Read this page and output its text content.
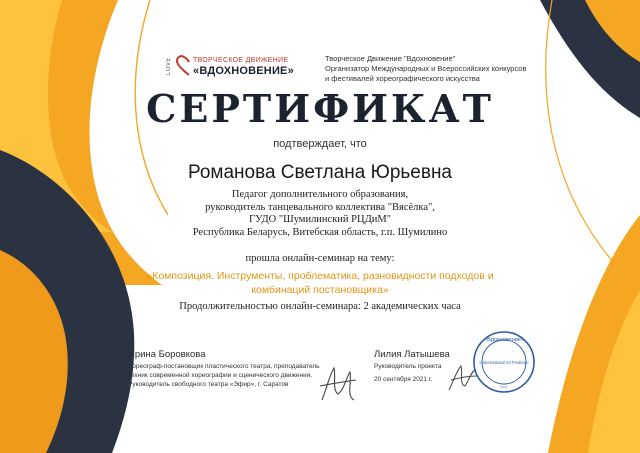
LOVE	ТВОРЧЕСКОЕ ДВИЖЕНИЕ
«ВДОХНОВЕНИЕ»
Творческое Движение "Вдохновение"
Организатор Международных и Всероссийских конкурсов
и фестивалей хореографического искусства
СЕРТИФИКАТ
подтверждает, что
Романова Светлана Юрьевна
Педагог дополнительного образования,
руководитель танцевального коллектива "Вясёлка",
ГУДО "Шумилинский РЦДиМ"
Республика Беларусь, Витебская область, г.п. Шумилино
прошла онлайн-семинар на тему:
«Композиция. Инструменты, проблематика, разновидности подходов и
комбинаций постановщика»
Продолжительностью онлайн-семинара: 2 академических часа
Ирина Боровкова
Хореограф-постановщик пластического театра, преподаватель
техник современной хореографии и сценического движения,
Руководитель свободного театра «Эфир», г. Саратов
Лилия Латышева
Руководитель проекта
20 сентября 2021 г.
«Вдохновение»
«International Art Festival»
LLC
